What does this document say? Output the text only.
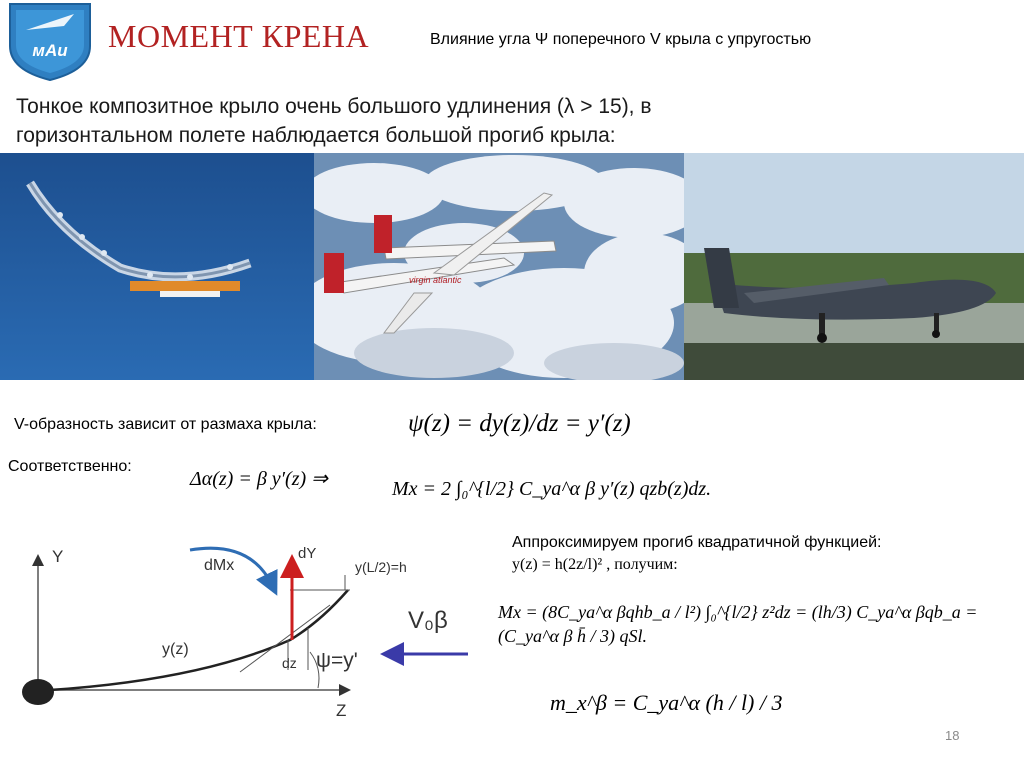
мАи МОМЕНТ КРЕНА	Влияние угла Ψ поперечного V крыла с упругостью
Тонкое композитное крыло очень большого удлинения (λ > 15), в
горизонтальном полете наблюдается большой прогиб крыла:
virgin atlantic
V-образность зависит от размаха крыла:	ψ(z) = dy(z)/dz = y′(z)
Соответственно:
Δα(z) = β y′(z) ⇒	Mx = 2 ∫₀^{l/2} C_ya^α β y′(z) qzb(z)dz.
Y
Z
dMx
dY
y(L/2)=h
y(z)
dz ψ=y'
V₀β
Аппроксимируем прогиб квадратичной функцией:
y(z) = h(2z/l)² , получим:
Mx = (8C_ya^α βqhb_a / l²) ∫₀^{l/2} z²dz = (lh/3) C_ya^α βqb_a = (C_ya^α β h̄ / 3) qSl.
m_x^β = C_ya^α (h / l) / 3
18
